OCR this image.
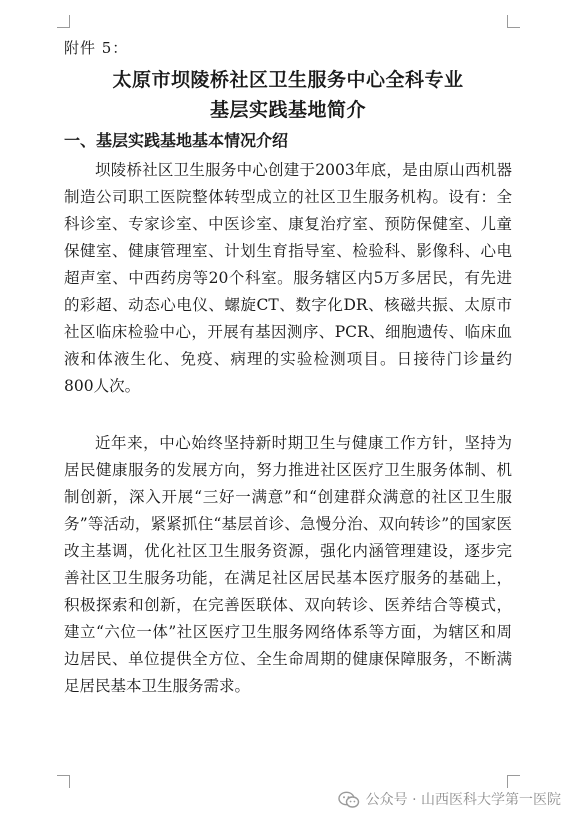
附件 5：
太原市坝陵桥社区卫生服务中心全科专业
基层实践基地简介
一、基层实践基地基本情况介绍

坝陵桥社区卫生服务中心创建于2003年底，是由原山西机器制造公司职工医院整体转型成立的社区卫生服务机构。设有：全科诊室、专家诊室、中医诊室、康复治疗室、预防保健室、儿童保健室、健康管理室、计划生育指导室、检验科、影像科、心电超声室、中西药房等20个科室。服务辖区内5万多居民，有先进的彩超、动态心电仪、螺旋CT、数字化DR、核磁共振、太原市社区临床检验中心，开展有基因测序、PCR、细胞遗传、临床血液和体液生化、免疫、病理的实验检测项目。日接待门诊量约800人次。

近年来，中心始终坚持新时期卫生与健康工作方针，坚持为居民健康服务的发展方向，努力推进社区医疗卫生服务体制、机制创新，深入开展“三好一满意”和“创建群众满意的社区卫生服务”等活动，紧紧抓住“基层首诊、急慢分治、双向转诊”的国家医改主基调，优化社区卫生服务资源，强化内涵管理建设，逐步完善社区卫生服务功能，在满足社区居民基本医疗服务的基础上，积极探索和创新，在完善医联体、双向转诊、医养结合等模式，建立“六位一体”社区医疗卫生服务网络体系等方面，为辖区和周边居民、单位提供全方位、全生命周期的健康保障服务，不断满足居民基本卫生服务需求。

公众号 · 山西医科大学第一医院
